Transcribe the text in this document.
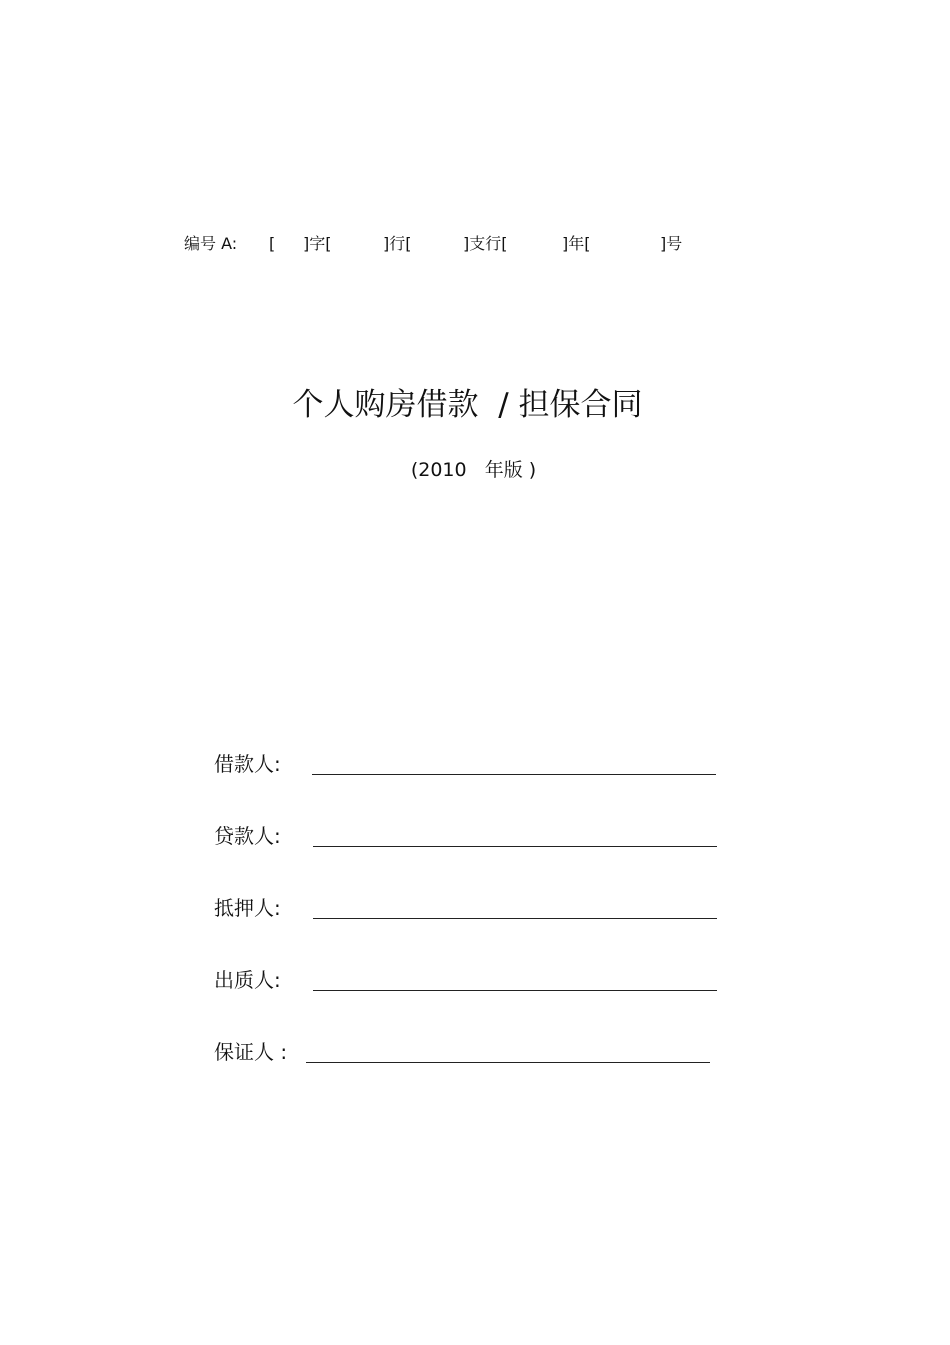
编号 A: [ ]字[	]行[	]支行[	]年[	]号
个人购房借款  / 担保合同
(2010   年版 )
借款人:
贷款人:
抵押人:
出质人:
保证人 :
